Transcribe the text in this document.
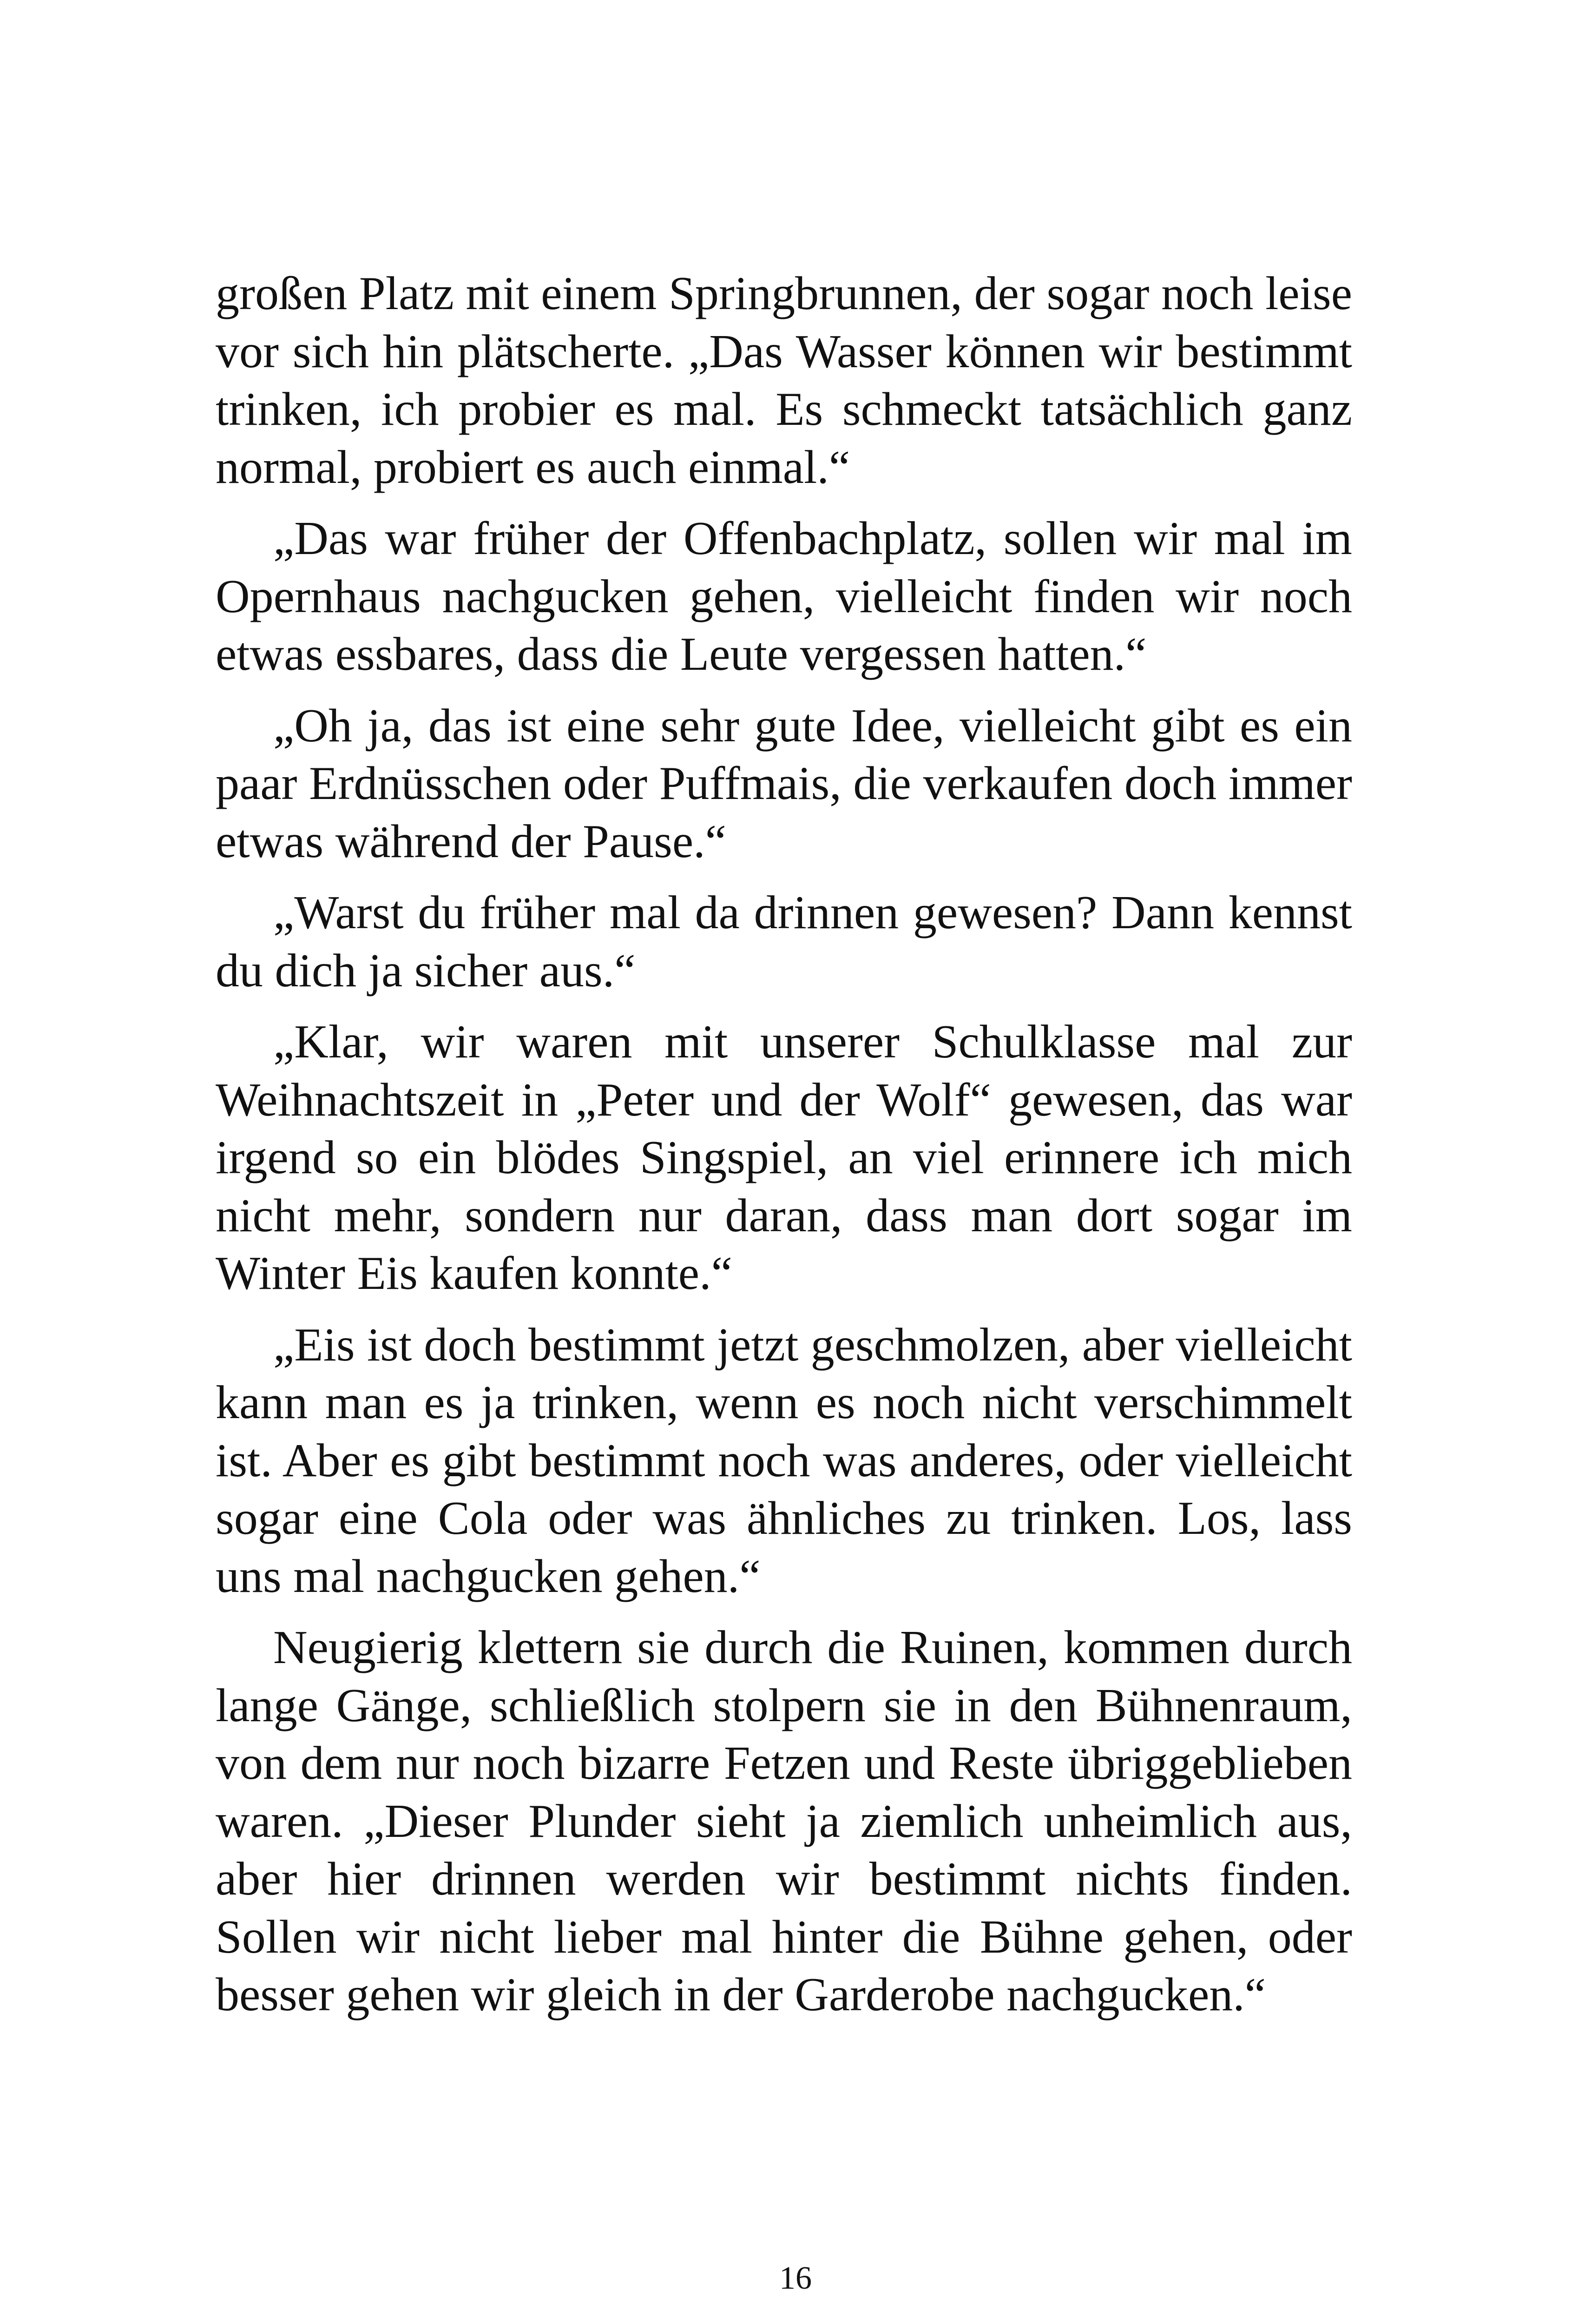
großen Platz mit einem Springbrunnen, der sogar noch leise vor sich hin plätscherte. „Das Wasser können wir bestimmt trinken, ich probier es mal. Es schmeckt tatsächlich ganz normal, probiert es auch einmal.“

„Das war früher der Offenbachplatz, sollen wir mal im Opernhaus nachgucken gehen, vielleicht finden wir noch etwas essbares, dass die Leute vergessen hatten.“

„Oh ja, das ist eine sehr gute Idee, vielleicht gibt es ein paar Erdnüsschen oder Puffmais, die verkaufen doch immer etwas während der Pause.“

„Warst du früher mal da drinnen gewesen? Dann kennst du dich ja sicher aus.“

„Klar, wir waren mit unserer Schulklasse mal zur Weihnachtszeit in „Peter und der Wolf“ gewesen, das war irgend so ein blödes Singspiel, an viel erinnere ich mich nicht mehr, sondern nur daran, dass man dort sogar im Winter Eis kaufen konnte.“

„Eis ist doch bestimmt jetzt geschmolzen, aber vielleicht kann man es ja trinken, wenn es noch nicht verschimmelt ist. Aber es gibt bestimmt noch was anderes, oder vielleicht sogar eine Cola oder was ähnliches zu trinken. Los, lass uns mal nachgucken gehen.“

Neugierig klettern sie durch die Ruinen, kommen durch lange Gänge, schließlich stolpern sie in den Bühnenraum, von dem nur noch bizarre Fetzen und Reste übriggeblieben waren. „Dieser Plunder sieht ja ziemlich unheimlich aus, aber hier drinnen werden wir bestimmt nichts finden. Sollen wir nicht lieber mal hinter die Bühne gehen, oder besser gehen wir gleich in der Garderobe nachgucken.“

16
